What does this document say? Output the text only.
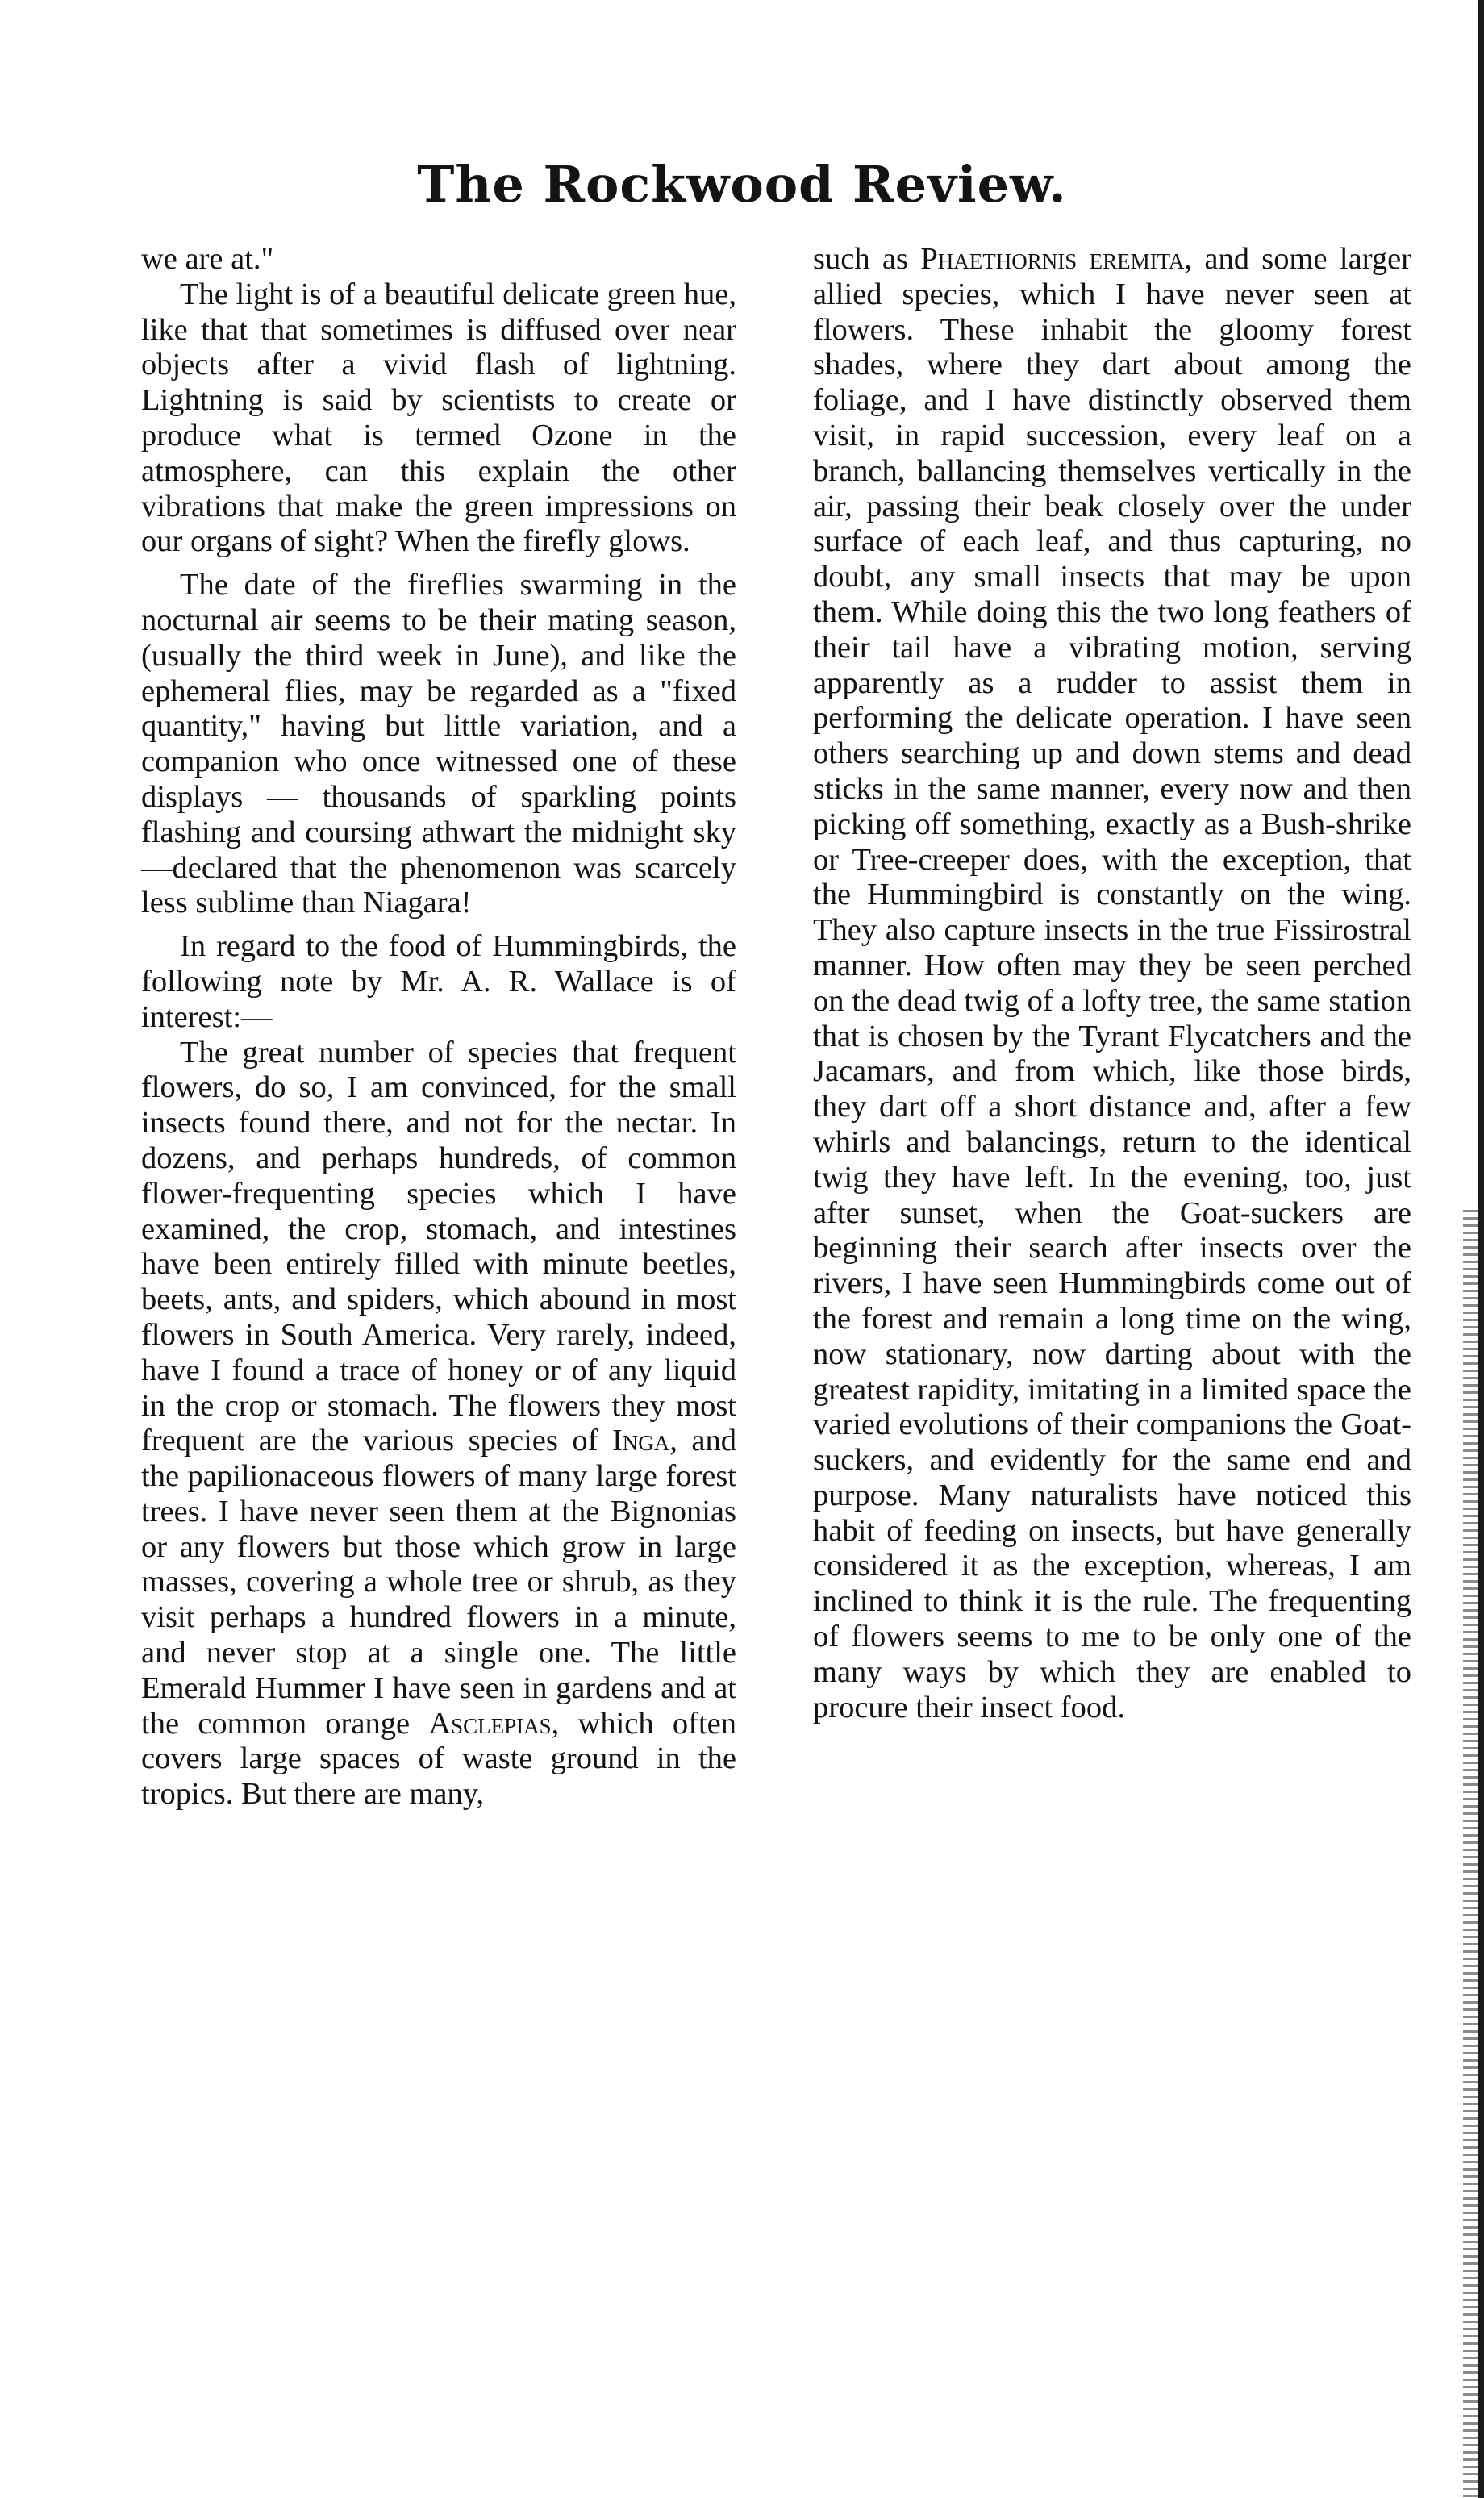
The Rockwood Review.

we are at."

The light is of a beautiful delicate green hue, like that that sometimes is diffused over near objects after a vivid flash of lightning. Lightning is said by scientists to create or produce what is termed Ozone in the atmosphere, can this explain the other vibrations that make the green impressions on our organs of sight? When the firefly glows.

The date of the fireflies swarming in the nocturnal air seems to be their mating season, (usually the third week in June), and like the ephemeral flies, may be regarded as a "fixed quantity," having but little variation, and a companion who once witnessed one of these displays — thousands of sparkling points flashing and coursing athwart the midnight sky—declared that the phenomenon was scarcely less sublime than Niagara!

In regard to the food of Hummingbirds, the following note by Mr. A. R. Wallace is of interest:—

The great number of species that frequent flowers, do so, I am convinced, for the small insects found there, and not for the nectar. In dozens, and perhaps hundreds, of common flower-frequenting species which I have examined, the crop, stomach, and intestines have been entirely filled with minute beetles, beets, ants, and spiders, which abound in most flowers in South America. Very rarely, indeed, have I found a trace of honey or of any liquid in the crop or stomach. The flowers they most frequent are the various species of Inga, and the papilionaceous flowers of many large forest trees. I have never seen them at the Bignonias or any flowers but those which grow in large masses, covering a whole tree or shrub, as they visit perhaps a hundred flowers in a minute, and never stop at a single one. The little Emerald Hummer I have seen in gardens and at the common orange Asclepias, which often covers large spaces of waste ground in the tropics. But there are many,

such as Phaethornis eremita, and some larger allied species, which I have never seen at flowers. These inhabit the gloomy forest shades, where they dart about among the foliage, and I have distinctly observed them visit, in rapid succession, every leaf on a branch, ballancing themselves vertically in the air, passing their beak closely over the under surface of each leaf, and thus capturing, no doubt, any small insects that may be upon them. While doing this the two long feathers of their tail have a vibrating motion, serving apparently as a rudder to assist them in performing the delicate operation. I have seen others searching up and down stems and dead sticks in the same manner, every now and then picking off something, exactly as a Bush-shrike or Tree-creeper does, with the exception, that the Hummingbird is constantly on the wing. They also capture insects in the true Fissirostral manner. How often may they be seen perched on the dead twig of a lofty tree, the same station that is chosen by the Tyrant Flycatchers and the Jacamars, and from which, like those birds, they dart off a short distance and, after a few whirls and balancings, return to the identical twig they have left. In the evening, too, just after sunset, when the Goat-suckers are beginning their search after insects over the rivers, I have seen Hummingbirds come out of the forest and remain a long time on the wing, now stationary, now darting about with the greatest rapidity, imitating in a limited space the varied evolutions of their companions the Goat-suckers, and evidently for the same end and purpose. Many naturalists have noticed this habit of feeding on insects, but have generally considered it as the exception, whereas, I am inclined to think it is the rule. The frequenting of flowers seems to me to be only one of the many ways by which they are enabled to procure their insect food.
